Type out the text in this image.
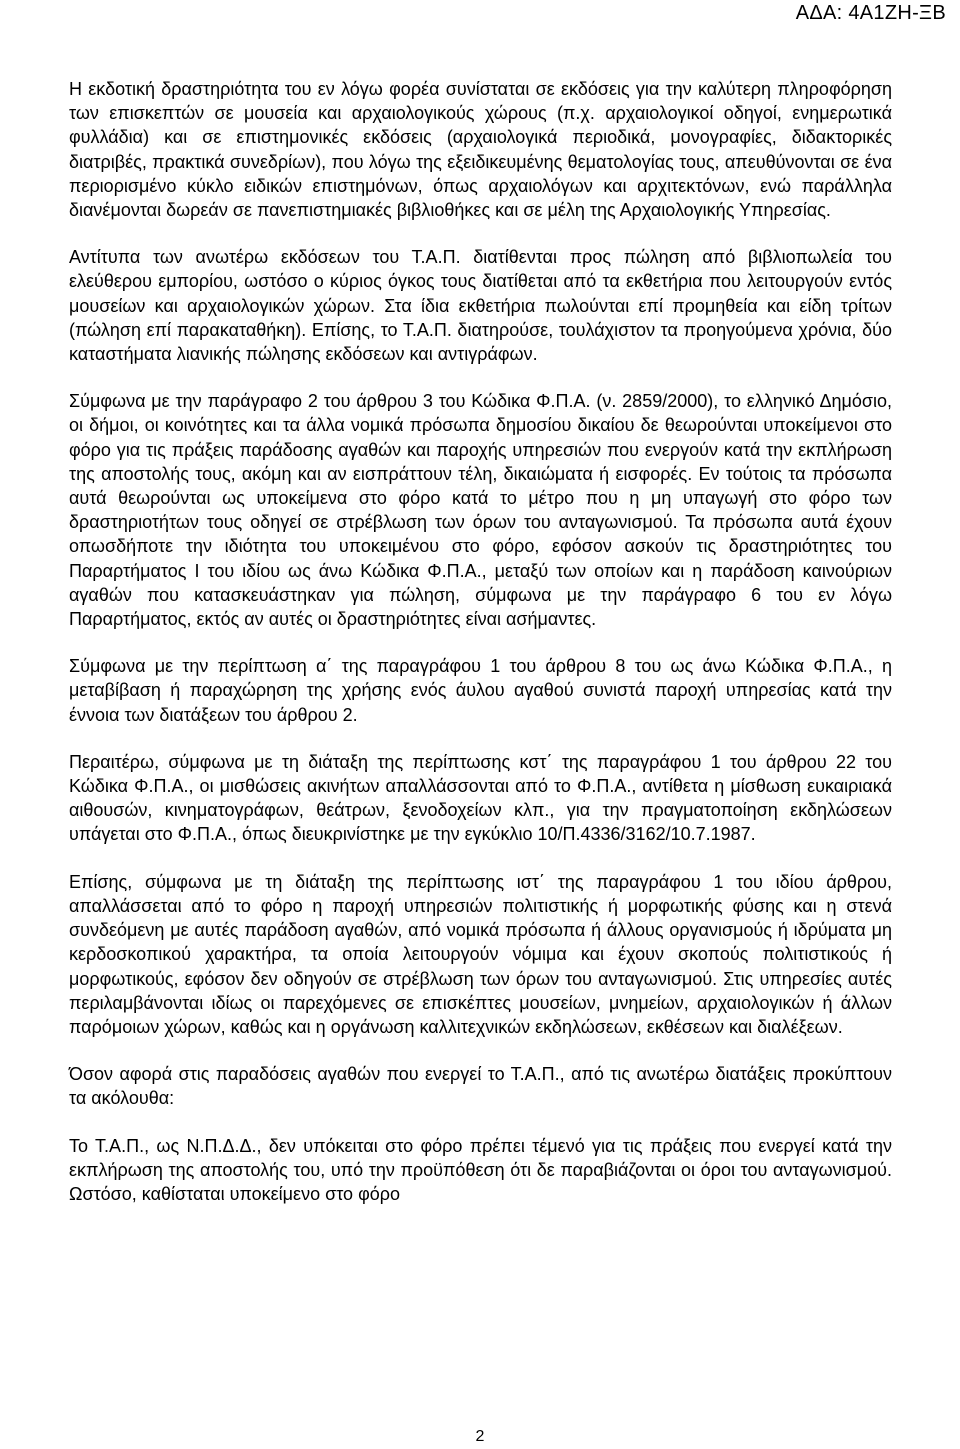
ΑΔΑ: 4Α1ΖΗ-ΞΒ

Η εκδοτική δραστηριότητα του εν λόγω φορέα συνίσταται σε εκδόσεις για την καλύτερη πληροφόρηση των επισκεπτών σε μουσεία και αρχαιολογικούς χώρους (π.χ. αρχαιολογικοί οδηγοί, ενημερωτικά φυλλάδια) και σε επιστημονικές εκδόσεις (αρχαιολογικά περιοδικά, μονογραφίες, διδακτορικές διατριβές, πρακτικά συνεδρίων), που λόγω της εξειδικευμένης θεματολογίας τους, απευθύνονται σε ένα περιορισμένο κύκλο ειδικών επιστημόνων, όπως αρχαιολόγων και αρχιτεκτόνων, ενώ παράλληλα διανέμονται δωρεάν σε πανεπιστημιακές βιβλιοθήκες και σε μέλη της Αρχαιολογικής Υπηρεσίας.

Αντίτυπα των ανωτέρω εκδόσεων του Τ.Α.Π. διατίθενται προς πώληση από βιβλιοπωλεία του ελεύθερου εμπορίου, ωστόσο ο κύριος όγκος τους διατίθεται από τα εκθετήρια που λειτουργούν εντός μουσείων και αρχαιολογικών χώρων. Στα ίδια εκθετήρια πωλούνται επί προμηθεία και είδη τρίτων (πώληση επί παρακαταθήκη). Επίσης, το Τ.Α.Π. διατηρούσε, τουλάχιστον τα προηγούμενα χρόνια, δύο καταστήματα λιανικής πώλησης εκδόσεων και αντιγράφων.

Σύμφωνα με την παράγραφο 2 του άρθρου 3 του Κώδικα Φ.Π.Α. (ν. 2859/2000), το ελληνικό Δημόσιο, οι δήμοι, οι κοινότητες και τα άλλα νομικά πρόσωπα δημοσίου δικαίου δε θεωρούνται υποκείμενοι στο φόρο για τις πράξεις παράδοσης αγαθών και παροχής υπηρεσιών που ενεργούν κατά την εκπλήρωση της αποστολής τους, ακόμη και αν εισπράττουν τέλη, δικαιώματα ή εισφορές. Εν τούτοις τα πρόσωπα αυτά θεωρούνται ως υποκείμενα στο φόρο κατά το μέτρο που η μη υπαγωγή στο φόρο των δραστηριοτήτων τους οδηγεί σε στρέβλωση των όρων του ανταγωνισμού. Τα πρόσωπα αυτά έχουν οπωσδήποτε την ιδιότητα του υποκειμένου στο φόρο, εφόσον ασκούν τις δραστηριότητες του Παραρτήματος Ι του ιδίου ως άνω Κώδικα Φ.Π.Α., μεταξύ των οποίων και η παράδοση καινούριων αγαθών που κατασκευάστηκαν για πώληση, σύμφωνα με την παράγραφο 6 του εν λόγω Παραρτήματος, εκτός αν αυτές οι δραστηριότητες είναι ασήμαντες.

Σύμφωνα με την περίπτωση α΄ της παραγράφου 1 του άρθρου 8 του ως άνω Κώδικα Φ.Π.Α., η μεταβίβαση ή παραχώρηση της χρήσης ενός άυλου αγαθού συνιστά παροχή υπηρεσίας κατά την έννοια των διατάξεων του άρθρου 2.

Περαιτέρω, σύμφωνα με τη διάταξη της περίπτωσης κστ΄ της παραγράφου 1 του άρθρου 22 του Κώδικα Φ.Π.Α., οι μισθώσεις ακινήτων απαλλάσσονται από το Φ.Π.Α., αντίθετα η μίσθωση ευκαιριακά αιθουσών, κινηματογράφων, θεάτρων, ξενοδοχείων κλπ., για την πραγματοποίηση εκδηλώσεων υπάγεται στο Φ.Π.Α., όπως διευκρινίστηκε με την εγκύκλιο 10/Π.4336/3162/10.7.1987.

Επίσης, σύμφωνα με τη διάταξη της περίπτωσης ιστ΄ της παραγράφου 1 του ιδίου άρθρου, απαλλάσσεται από το φόρο η παροχή υπηρεσιών πολιτιστικής ή μορφωτικής φύσης και η στενά συνδεόμενη με αυτές παράδοση αγαθών, από νομικά πρόσωπα ή άλλους οργανισμούς ή ιδρύματα μη κερδοσκοπικού χαρακτήρα, τα οποία λειτουργούν νόμιμα και έχουν σκοπούς πολιτιστικούς ή μορφωτικούς, εφόσον δεν οδηγούν σε στρέβλωση των όρων του ανταγωνισμού. Στις υπηρεσίες αυτές περιλαμβάνονται ιδίως οι παρεχόμενες σε επισκέπτες μουσείων, μνημείων, αρχαιολογικών ή άλλων παρόμοιων χώρων, καθώς και η οργάνωση καλλιτεχνικών εκδηλώσεων, εκθέσεων και διαλέξεων.

Όσον αφορά στις παραδόσεις αγαθών που ενεργεί το Τ.Α.Π., από τις ανωτέρω διατάξεις προκύπτουν τα ακόλουθα:

Το Τ.Α.Π., ως Ν.Π.Δ.Δ., δεν υπόκειται στο φόρο πρέπει τέμενό για τις πράξεις που ενεργεί κατά την εκπλήρωση της αποστολής του, υπό την προϋπόθεση ότι δε παραβιάζονται οι όροι του ανταγωνισμού. Ωστόσο, καθίσταται υποκείμενο στο φόρο

2
